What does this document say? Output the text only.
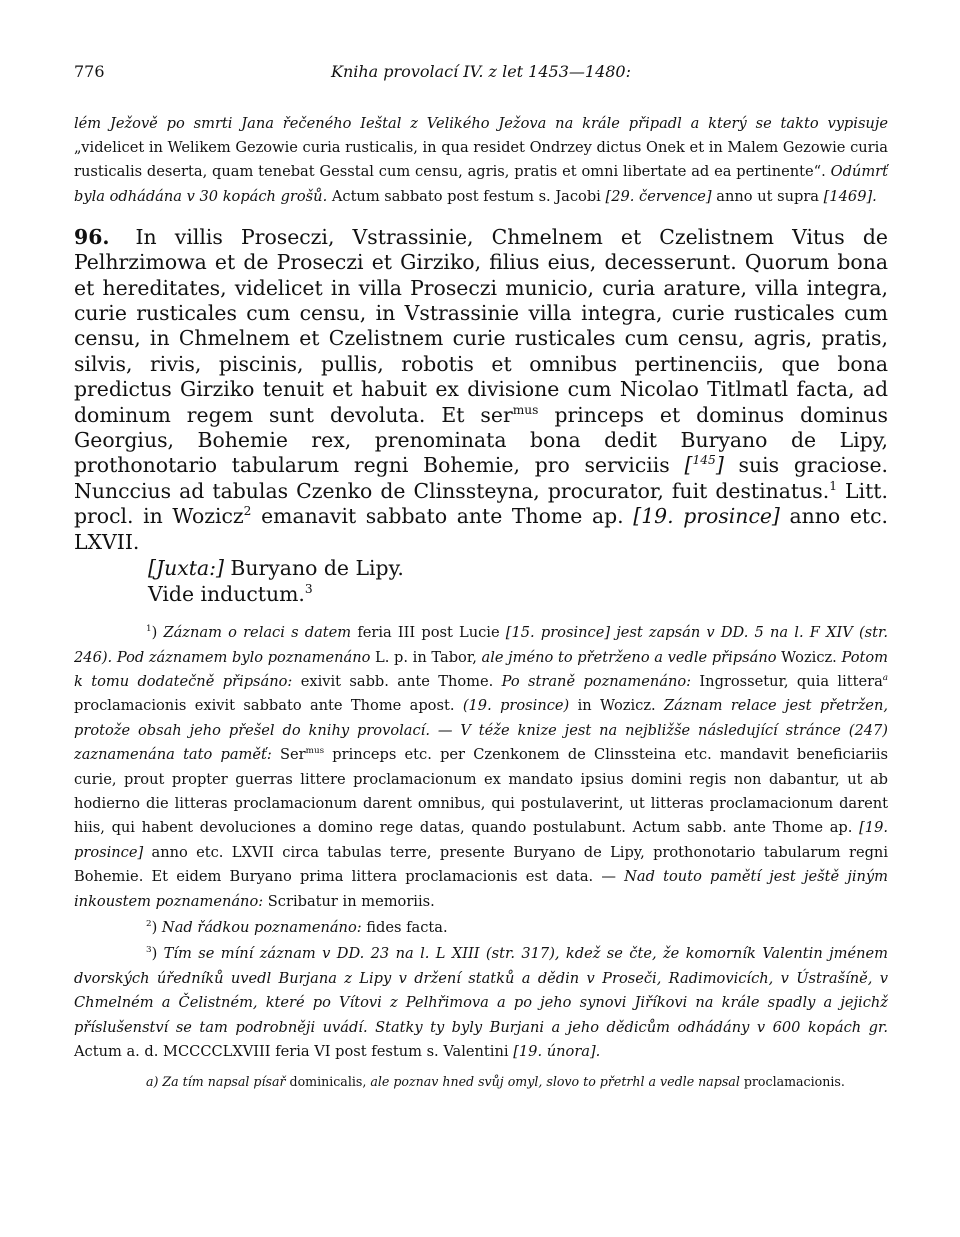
776	Kniha provolací IV. z let 1453—1480:
lém Ježově po smrti Jana řečeného Ieštal z Velikého Ježova na krále připadl a který se takto vypisuje „videlicet in Welikem Gezowie curia rusticalis, in qua residet Ondrzey dictus Onek et in Malem Gezowie curia rusticalis deserta, quam tenebat Gesstal cum censu, agris, pratis et omni libertate ad ea pertinente“. Odúmrť byla odhádána v 30 kopách grošů. Actum sabbato post festum s. Jacobi [29. července] anno ut supra [1469].
96. In villis Proseczi, Vstrassinie, Chmelnem et Czelistnem Vitus de Pelhrzimowa et de Proseczi et Girziko, filius eius, decesserunt. Quorum bona et hereditates, videlicet in villa Proseczi municio, curia arature, villa integra, curie rusticales cum censu, in Vstrassinie villa integra, curie rusticales cum censu, in Chmelnem et Czelistnem curie rusticales cum censu, agris, pratis, silvis, rivis, piscinis, pullis, robotis et omnibus pertinenciis, que bona predictus Girziko tenuit et habuit ex divisione cum Nicolao Titlmatl facta, ad dominum regem sunt devoluta. Et ser$^{mus}$ princeps et dominus dominus Georgius, Bohemie rex, prenominata bona dedit Buryano de Lipy, prothonotario tabularum regni Bohemie, pro serviciis [$^{145}$] suis graciose. Nunccius ad tabulas Czenko de Clinssteyna, procurator, fuit destinatus.$^1$ Litt. procl. in Wozicz$^2$ emanavit sabbato ante Thome ap. [19. prosince] anno etc. LXVII.
[Juxta:] Buryano de Lipy.
Vide inductum.$^3$
$^1$) Záznam o relaci s datem feria III post Lucie [15. prosince] jest zapsán v DD. 5 na l. F XIV (str. 246). Pod záznamem bylo poznamenáno L. p. in Tabor, ale jméno to přetrženo a vedle připsáno Wozicz. Potom k tomu dodatečně připsáno: exivit sabb. ante Thome. Po straně poznamenáno: Ingrossetur, quia littera$^a$ proclamacionis exivit sabbato ante Thome apost. (19. prosince) in Wozicz. Záznam relace jest přetržen, protože obsah jeho přešel do knihy provolací. — V téže knize jest na nejbližše následující stránce (247) zaznamenána tato paměť: Ser$^{mus}$ princeps etc. per Czenkonem de Clinssteina etc. mandavit beneficiariis curie, prout propter guerras littere proclamacionum ex mandato ipsius domini regis non dabantur, ut ab hodierno die litteras proclamacionum darent omnibus, qui postulaverint, ut litteras proclamacionum darent hiis, qui habent devoluciones a domino rege datas, quando postulabunt. Actum sabb. ante Thome ap. [19. prosince] anno etc. LXVII circa tabulas terre, presente Buryano de Lipy, prothonotario tabularum regni Bohemie. Et eidem Buryano prima littera proclamacionis est data. — Nad touto pamětí jest ještě jiným inkoustem poznamenáno: Scribatur in memoriis.
$^2$) Nad řádkou poznamenáno: fides facta.
$^3$) Tím se míní záznam v DD. 23 na l. L XIII (str. 317), kdež se čte, že komorník Valentin jménem dvorských úředníků uvedl Burjana z Lipy v držení statků a dědin v Proseči, Radimovicích, v Ústrašíně, v Chmelném a Čelistném, které po Vítovi z Pelhřimova a po jeho synovi Jiříkovi na krále spadly a jejichž příslušenství se tam podrobněji uvádí. Statky ty byly Burjani a jeho dědicům odhádány v 600 kopách gr. Actum a. d. MCCCCLXVIII feria VI post festum s. Valentini [19. února].
a) Za tím napsal písař dominicalis, ale poznav hned svůj omyl, slovo to přetrhl a vedle napsal proclamacionis.
